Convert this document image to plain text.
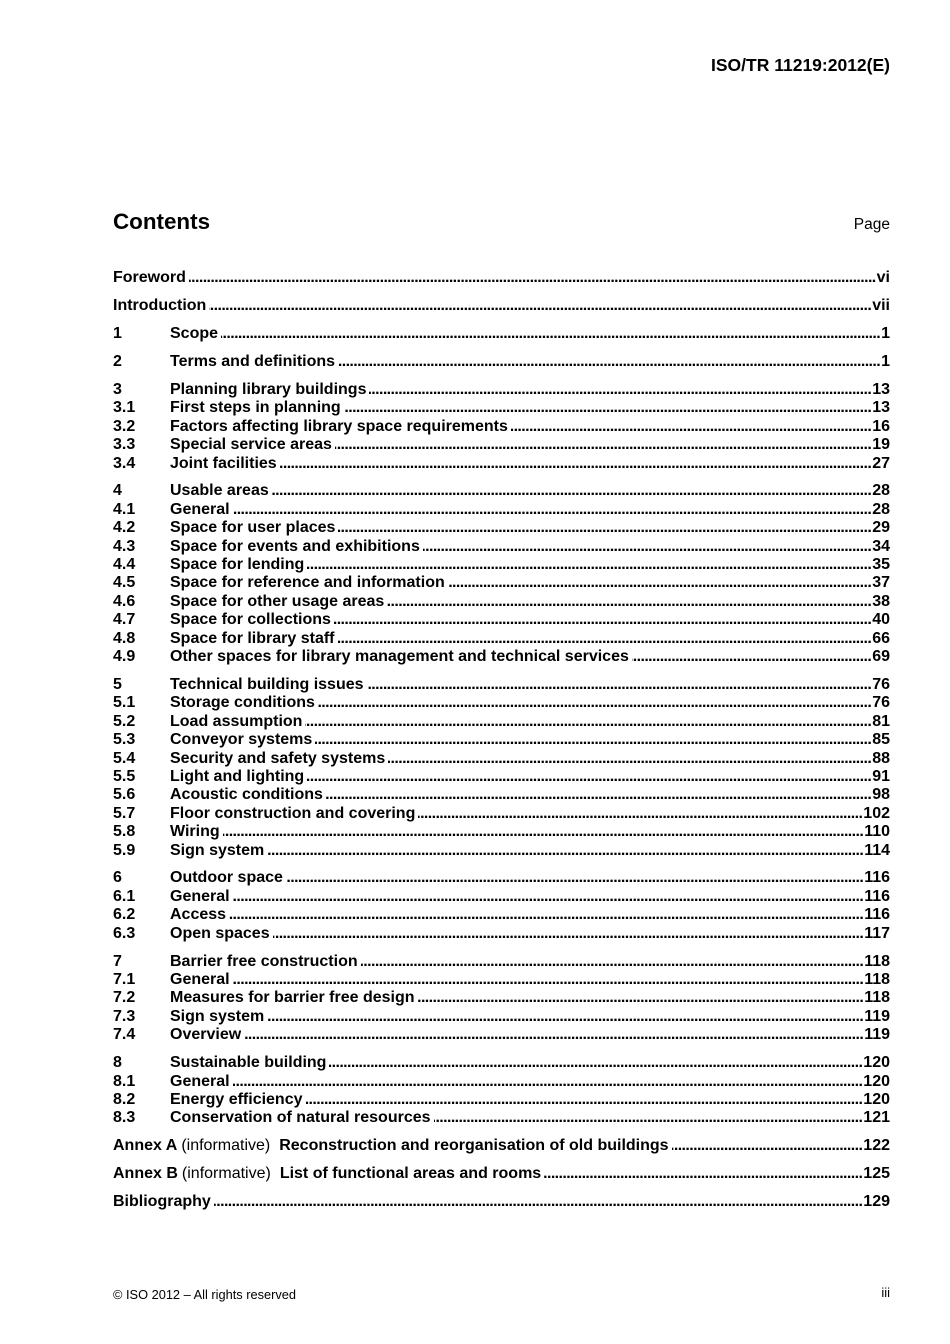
ISO/TR 11219:2012(E)
Contents	Page
Foreword .....	vi
Introduction .....	vii
1	Scope .....	1
2	Terms and definitions .....	1
3	Planning library buildings .....	13
3.1	First steps in planning .....	13
3.2	Factors affecting library space requirements .....	16
3.3	Special service areas .....	19
3.4	Joint facilities .....	27
4	Usable areas .....	28
4.1	General .....	28
4.2	Space for user places .....	29
4.3	Space for events and exhibitions .....	34
4.4	Space for lending .....	35
4.5	Space for reference and information .....	37
4.6	Space for other usage areas .....	38
4.7	Space for collections .....	40
4.8	Space for library staff .....	66
4.9	Other spaces for library management and technical services .....	69
5	Technical building issues .....	76
5.1	Storage conditions .....	76
5.2	Load assumption .....	81
5.3	Conveyor systems .....	85
5.4	Security and safety systems .....	88
5.5	Light and lighting .....	91
5.6	Acoustic conditions .....	98
5.7	Floor construction and covering .....	102
5.8	Wiring .....	110
5.9	Sign system .....	114
6	Outdoor space .....	116
6.1	General .....	116
6.2	Access .....	116
6.3	Open spaces .....	117
7	Barrier free construction .....	118
7.1	General .....	118
7.2	Measures for barrier free design .....	118
7.3	Sign system .....	119
7.4	Overview .....	119
8	Sustainable building .....	120
8.1	General .....	120
8.2	Energy efficiency .....	120
8.3	Conservation of natural resources .....	121
Annex A (informative) Reconstruction and reorganisation of old buildings .....	122
Annex B (informative) List of functional areas and rooms .....	125
Bibliography .....	129
© ISO 2012 – All rights reserved	iii
